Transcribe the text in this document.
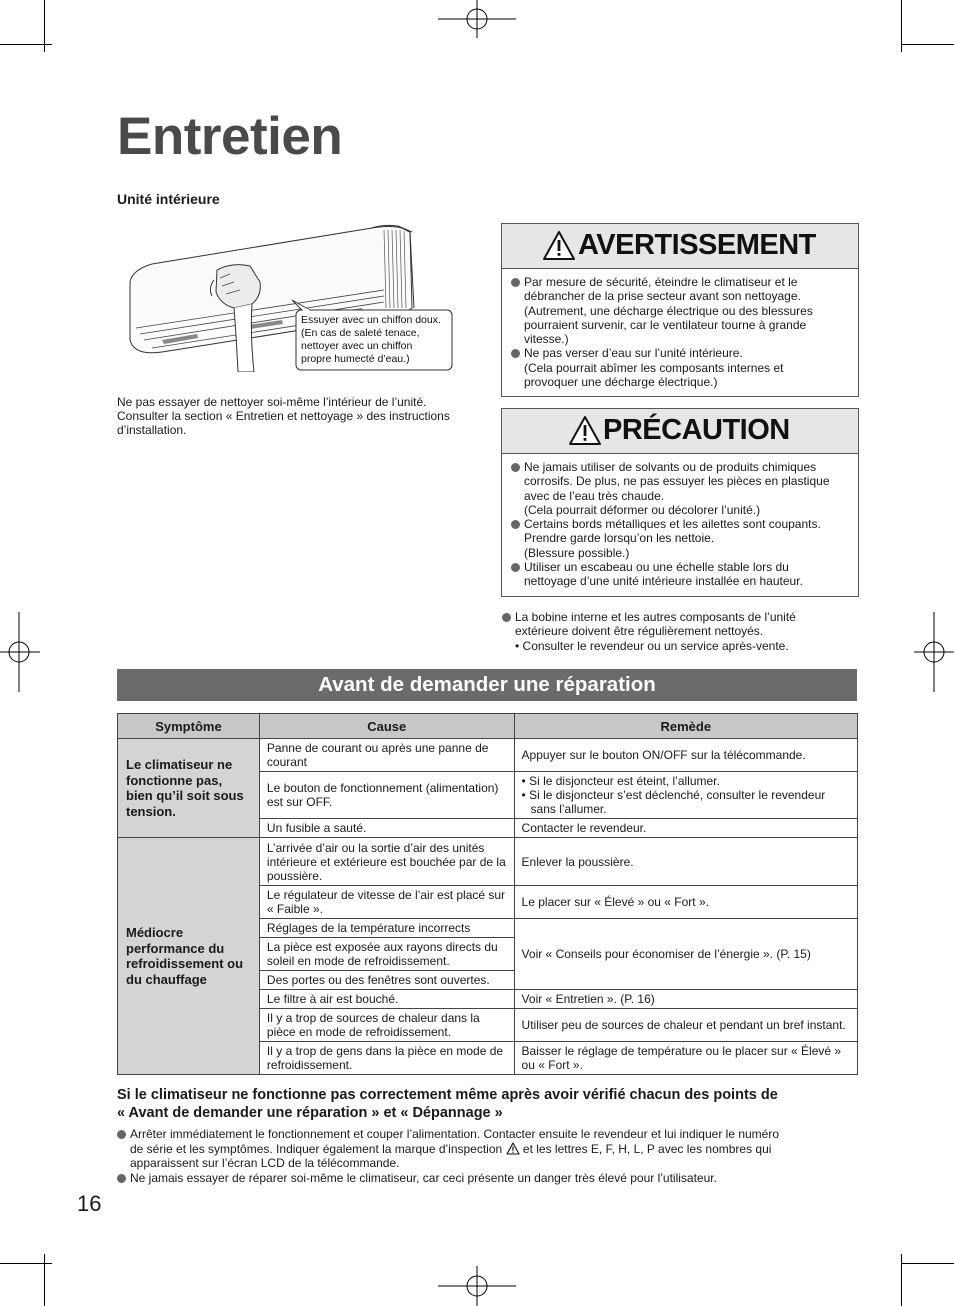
Entretien
Unité intérieure
Essuyer avec un chiffon doux.
(En cas de saleté tenace,
nettoyer avec un chiffon
propre humecté d’eau.)
Ne pas essayer de nettoyer soi-même l’intérieur de l’unité.
Consulter la section « Entretien et nettoyage » des instructions
d’installation.
AVERTISSEMENT
Par mesure de sécurité, éteindre le climatiseur et le
débrancher de la prise secteur avant son nettoyage.
(Autrement, une décharge électrique ou des blessures
pourraient survenir, car le ventilateur tourne à grande
vitesse.)
Ne pas verser d’eau sur l’unité intérieure.
(Cela pourrait abîmer les composants internes et
provoquer une décharge électrique.)
PRÉCAUTION
Ne jamais utiliser de solvants ou de produits chimiques
corrosifs. De plus, ne pas essuyer les pièces en plastique
avec de l’eau très chaude.
(Cela pourrait déformer ou décolorer l’unité.)
Certains bords métalliques et les ailettes sont coupants.
Prendre garde lorsqu’on les nettoie.
(Blessure possible.)
Utiliser un escabeau ou une échelle stable lors du
nettoyage d’une unité intérieure installée en hauteur.
La bobine interne et les autres composants de l’unité
extérieure doivent être régulièrement nettoyés.
• Consulter le revendeur ou un service après-vente.
Avant de demander une réparation
Symptôme	Cause	Remède
Le climatiseur ne fonctionne pas, bien qu’il soit sous tension.	Panne de courant ou après une panne de courant	Appuyer sur le bouton ON/OFF sur la télécommande.
	Le bouton de fonctionnement (alimentation) est sur OFF.	• Si le disjoncteur est éteint, l’allumer.
• Si le disjoncteur s’est déclenché, consulter le revendeur sans l’allumer.

	Un fusible a sauté.	Contacter le revendeur.
Médiocre performance du refroidissement ou du chauffage	L’arrivée d’air ou la sortie d’air des unités intérieure et extérieure est bouchée par de la poussière.	Enlever la poussière.
	Le régulateur de vitesse de l’air est placé sur « Faible ».	Le placer sur « Élevé » ou « Fort ».
	Réglages de la température incorrects	Voir « Conseils pour économiser de l’énergie ». (P. 15)
	La pièce est exposée aux rayons directs du soleil en mode de refroidissement.	
	Des portes ou des fenêtres sont ouvertes.	
	Le filtre à air est bouché.	Voir « Entretien ». (P. 16)
	Il y a trop de sources de chaleur dans la pièce en mode de refroidissement.	Utiliser peu de sources de chaleur et pendant un bref instant.
	Il y a trop de gens dans la pièce en mode de refroidissement.	Baisser le réglage de température ou le placer sur « Élevé » ou « Fort ».
Si le climatiseur ne fonctionne pas correctement même après avoir vérifié chacun des points de
« Avant de demander une réparation » et « Dépannage »
Arrêter immédiatement le fonctionnement et couper l’alimentation. Contacter ensuite le revendeur et lui indiquer le numéro
de série et les symptômes. Indiquer également la marque d’inspection et les lettres E, F, H, L, P avec les nombres qui
apparaissent sur l’écran LCD de la télécommande.
Ne jamais essayer de réparer soi-même le climatiseur, car ceci présente un danger très élevé pour l’utilisateur.
16
